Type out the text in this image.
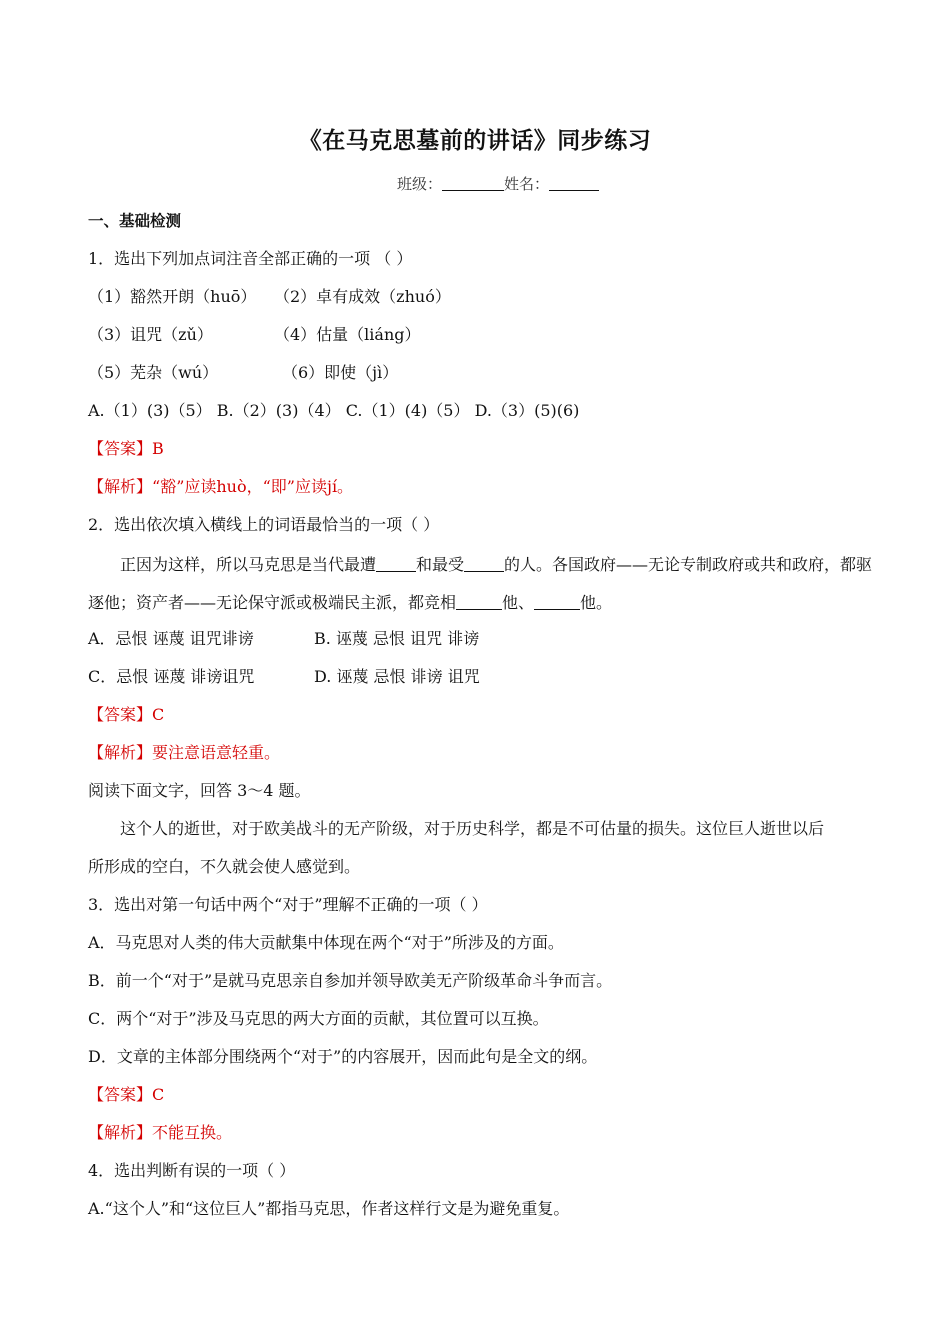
《在马克思墓前的讲话》同步练习
班级：	姓名：
一、基础检测
1．选出下列加点词注音全部正确的一项 （ ）
（1）豁然开朗（huō） （2）卓有成效（zhuó）
（3）诅咒（zǔ）	（4）估量（liáng）
（5）芜杂（wú）	（6）即使（jì）
A.（1）(3)（5） B.（2）(3)（4） C.（1）(4)（5） D.（3）(5)(6)
【答案】B
【解析】“豁”应读huò，“即”应读jí。
2．选出依次填入横线上的词语最恰当的一项（ ）
正因为这样，所以马克思是当代最遭	和最受	的人。各国政府——无论专制政府或共和政府，都驱逐他；资产者——无论保守派或极端民主派，都竞相	他、	他。
A．忌恨 诬蔑 诅咒诽谤	B. 诬蔑 忌恨 诅咒 诽谤
C．忌恨 诬蔑 诽谤诅咒	D. 诬蔑 忌恨 诽谤 诅咒
【答案】C
【解析】要注意语意轻重。
阅读下面文字，回答 3～4 题。
这个人的逝世，对于欧美战斗的无产阶级，对于历史科学，都是不可估量的损失。这位巨人逝世以后
所形成的空白，不久就会使人感觉到。
3．选出对第一句话中两个“对于”理解不正确的一项（ ）
A．马克思对人类的伟大贡献集中体现在两个“对于”所涉及的方面。
B．前一个“对于”是就马克思亲自参加并领导欧美无产阶级革命斗争而言。
C．两个“对于”涉及马克思的两大方面的贡献，其位置可以互换。
D．文章的主体部分围绕两个“对于”的内容展开，因而此句是全文的纲。
【答案】C
【解析】不能互换。
4．选出判断有误的一项（ ）
A.“这个人”和“这位巨人”都指马克思，作者这样行文是为避免重复。
